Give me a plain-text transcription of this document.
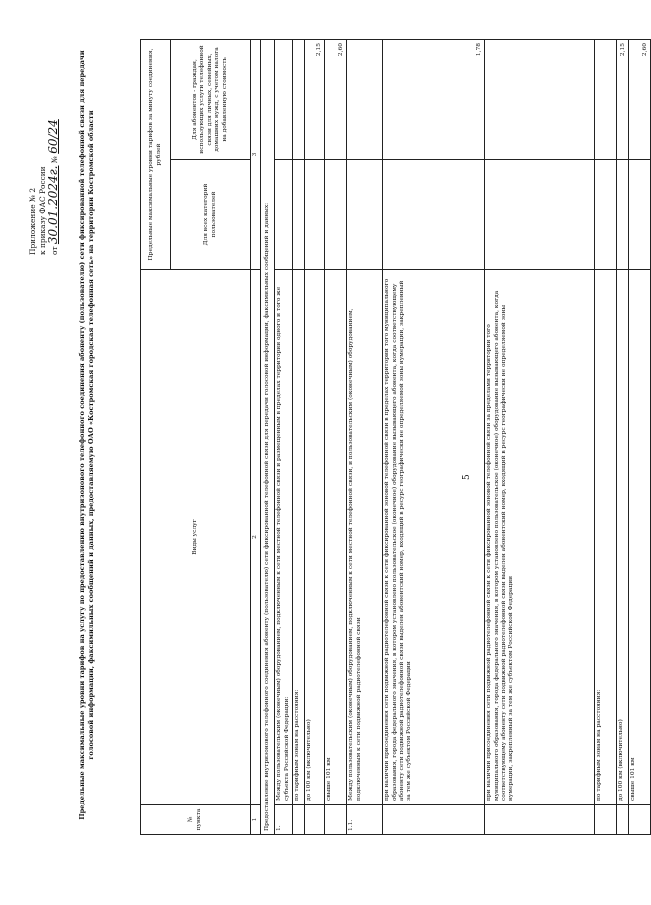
5
Приложение № 2 к приказу ФАС России от 30.01.2024г. № 60/24	Предельные максимальные уровни тарифов на услугу по предоставлению внутризонового телефонного соединения абоненту (пользователю) сети фиксированной телефонной связи для передачи голосовой информации, факсимильных сообщений и данных, предоставляемую ОАО «Костромская городская телефонная сеть» на территории Костромской области
№ пункта	Виды услуг	Предельные максимальные уровни тарифов за минуту соединения, рублей	
		Для всех категорий пользователей	Для абонентов - граждан, использующих услуги телефонной связи для личных, семейных, домашних нужд, с учетом налога на добавленную стоимость
1	2	3	
Предоставление внутризонового телефонного соединения абоненту (пользователю) сети фиксированной телефонной связи для передачи голосовой информации, факсимильных сообщений и данных:			
1.	Между пользовательским (оконечным) оборудованием, подключенным к сети местной телефонной связи и размещенным в пределах территории одного и того же субъекта Российской Федерации:		
	по тарифным зонам на расстояния:		
	до 100 км (включительно)		2,15
	свыше 101 км		2,60
1.1.	Между пользовательским (оконечным) оборудованием, подключенным к сети местной телефонной связи, и пользовательским (оконечным) оборудованием, подключенным к сети подвижной радиотелефонной связи		
	при наличии присоединения сети подвижной радиотелефонной связи к сети фиксированной зоновой телефонной связи в пределах территории того муниципального образования, города федерального значения, в котором установлено пользовательское (оконечное) оборудование вызывающего абонента, когда соответствующему абоненту сети подвижной радиотелефонной связи выделен абонентский номер, входящий в ресурс географически не определяемой зоны нумерации, закрепленный за тем же субъектом Российской Федерации		1,78
	при наличии присоединения сети подвижной радиотелефонной связи к сети фиксированной зоновой телефонной связи за пределами территории того муниципального образования, города федерального значения, в котором установлено пользовательское (оконечное) оборудование вызывающего абонента, когда соответствующему абоненту сети подвижной радиотелефонной связи выделен абонентский номер, входящий в ресурс географически не определяемой зоны нумерации, закрепленный за тем же субъектом Российской Федерации		
	по тарифным зонам на расстояния:		
	до 100 км (включительно)		2,15
	свыше 101 км		2,60
